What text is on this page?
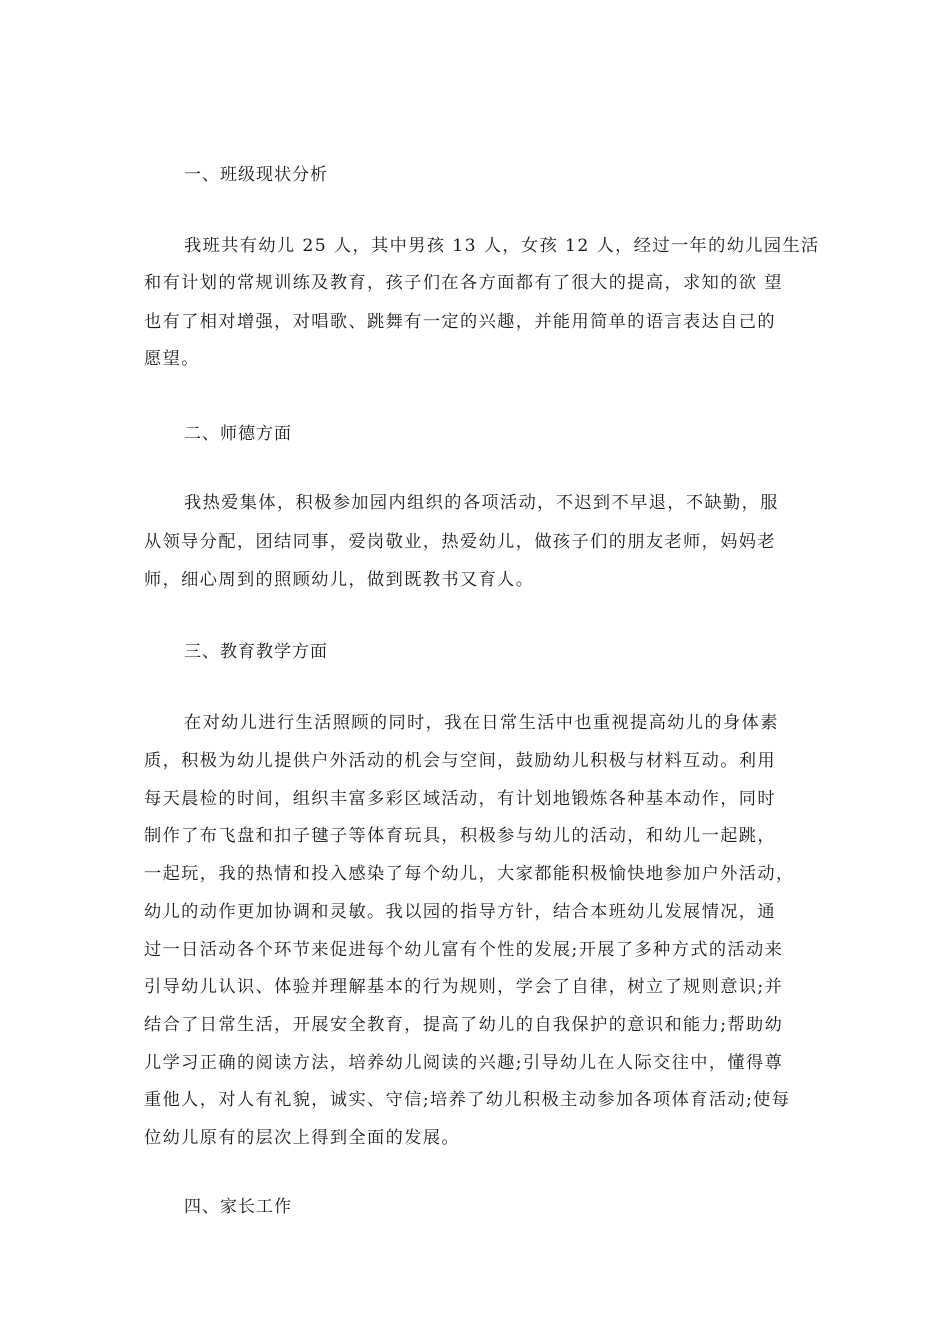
一、班级现状分析
我班共有幼儿 25 人，其中男孩 13 人，女孩 12 人，经过一年的幼儿园生活
和有计划的常规训练及教育，孩子们在各方面都有了很大的提高，求知的欲 望
也有了相对增强，对唱歌、跳舞有一定的兴趣，并能用简单的语言表达自己的
愿望。
二、师德方面
我热爱集体，积极参加园内组织的各项活动，不迟到不早退，不缺勤，服
从领导分配，团结同事，爱岗敬业，热爱幼儿，做孩子们的朋友老师，妈妈老
师，细心周到的照顾幼儿，做到既教书又育人。
三、教育教学方面
在对幼儿进行生活照顾的同时，我在日常生活中也重视提高幼儿的身体素
质，积极为幼儿提供户外活动的机会与空间，鼓励幼儿积极与材料互动。利用
每天晨检的时间，组织丰富多彩区域活动，有计划地锻炼各种基本动作，同时
制作了布飞盘和扣子毽子等体育玩具，积极参与幼儿的活动，和幼儿一起跳，
一起玩，我的热情和投入感染了每个幼儿，大家都能积极愉快地参加户外活动，
幼儿的动作更加协调和灵敏。我以园的指导方针，结合本班幼儿发展情况，通
过一日活动各个环节来促进每个幼儿富有个性的发展;开展了多种方式的活动来
引导幼儿认识、体验并理解基本的行为规则，学会了自律，树立了规则意识;并
结合了日常生活，开展安全教育，提高了幼儿的自我保护的意识和能力;帮助幼
儿学习正确的阅读方法，培养幼儿阅读的兴趣;引导幼儿在人际交往中，懂得尊
重他人，对人有礼貌，诚实、守信;培养了幼儿积极主动参加各项体育活动;使每
位幼儿原有的层次上得到全面的发展。
四、家长工作
